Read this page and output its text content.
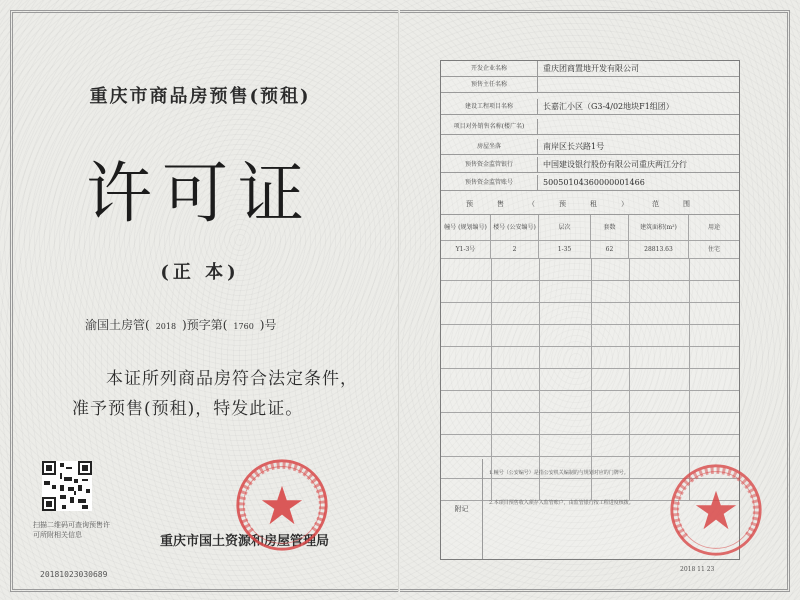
重庆市商品房预售(预租)
许可证
(正 本)
渝国土房管( 2018 )预字第( 1760 )号
本证所列商品房符合法定条件，准予预售(预租)，特发此证。
扫描二维码可查询预售许可所附相关信息
20181023030689
重庆市国土资源和房屋管理局
开发企业名称	重庆团商置地开发有限公司
预售主任名称
建设工程项目名称	长嘉汇小区（G3-4/02地块F1组团）
项目对外销售名称(楼广名)
房屋坐落	南岸区长兴路1号
预售资金监管银行	中国建设银行股份有限公司重庆两江分行
预售资金监管账号	50050104360000001466
预售（预租）范围
幢号 (规划编号)	楼号 (公安编号)	层次	套数	建筑面积(m²)	用途
Y1-3号	2	1-35	62	28813.63	住宅
附记
1.幢号（公安编号）是指公安机关编制的与规划对应的门牌号。
2.本项目预售收入须存入监管账户，由监管银行按工程进度核拨。
2018 11 23
